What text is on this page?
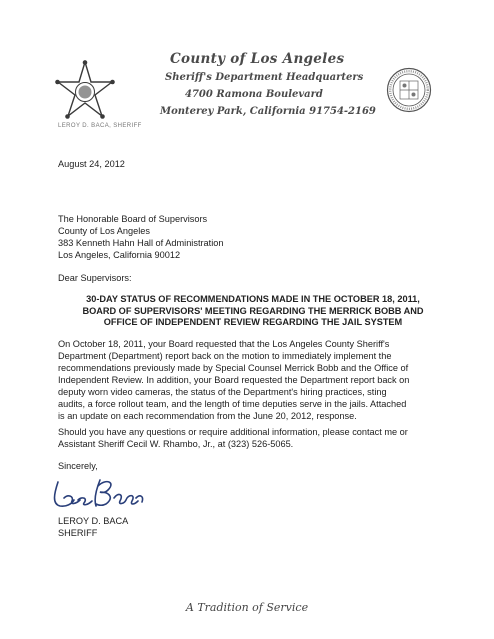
LEROY D. BACA, SHERIFF
County of Los Angeles
Sheriff's Department Headquarters
4700 Ramona Boulevard
Monterey Park, California 91754-2169
August 24, 2012
The Honorable Board of Supervisors
County of Los Angeles
383 Kenneth Hahn Hall of Administration
Los Angeles, California 90012
Dear Supervisors:
30-DAY STATUS OF RECOMMENDATIONS MADE IN THE OCTOBER 18, 2011,
BOARD OF SUPERVISORS' MEETING REGARDING THE MERRICK BOBB AND
OFFICE OF INDEPENDENT REVIEW REGARDING THE JAIL SYSTEM
On October 18, 2011, your Board requested that the Los Angeles County Sheriff's
Department (Department) report back on the motion to immediately implement the
recommendations previously made by Special Counsel Merrick Bobb and the Office of
Independent Review. In addition, your Board requested the Department report back on
deputy worn video cameras, the status of the Department's hiring practices, sting
audits, a force rollout team, and the length of time deputies serve in the jails. Attached
is an update on each recommendation from the June 20, 2012, response.
Should you have any questions or require additional information, please contact me or
Assistant Sheriff Cecil W. Rhambo, Jr., at (323) 526-5065.
Sincerely,
LEROY D. BACA
SHERIFF
A Tradition of Service
